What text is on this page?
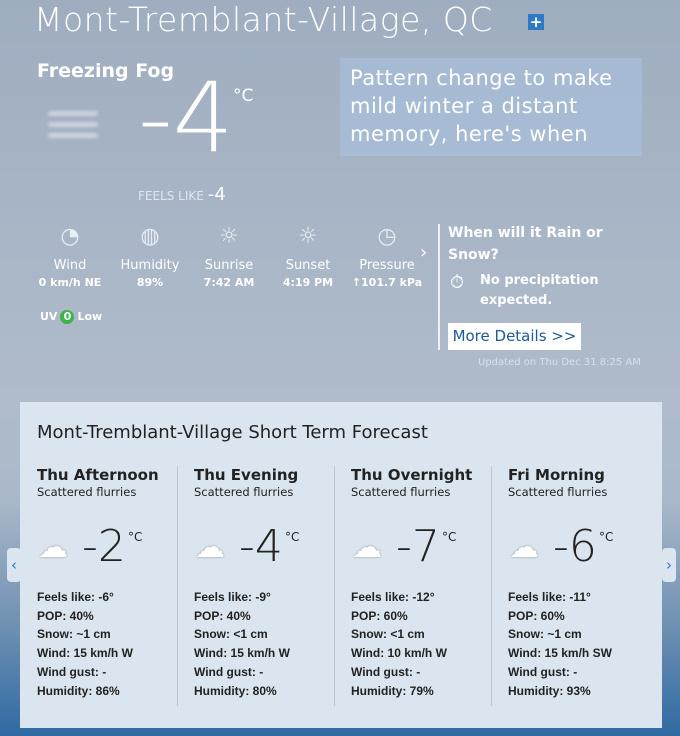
Mont-Tremblant-Village, QC +
Freezing Fog
-4 °C
FEELS LIKE -4
Pattern change to make mild winter a distant memory, here's when
◔
Wind
0 km/h NE
◍
Humidity
89%
☼
Sunrise
7:42 AM
☼
Sunset
4:19 PM
◷
Pressure
↑101.7 kPa
›
UV 0 Low
When will it Rain or Snow?
⏱ No precipitation expected.
More Details >>
Updated on Thu Dec 31 8:25 AM
‹	›
Mont-Tremblant-Village Short Term Forecast
Thu Afternoon
Scattered flurries
☁ -2 °C
Feels like: -6°
POP: 40%
Snow: ~1 cm
Wind: 15 km/h W
Wind gust: -
Humidity: 86%
Thu Evening
Scattered flurries
☁ -4 °C
Feels like: -9°
POP: 40%
Snow: <1 cm
Wind: 15 km/h W
Wind gust: -
Humidity: 80%
Thu Overnight
Scattered flurries
☁ -7 °C
Feels like: -12°
POP: 60%
Snow: <1 cm
Wind: 10 km/h W
Wind gust: -
Humidity: 79%
Fri Morning
Scattered flurries
☁ -6 °C
Feels like: -11°
POP: 60%
Snow: ~1 cm
Wind: 15 km/h SW
Wind gust: -
Humidity: 93%
